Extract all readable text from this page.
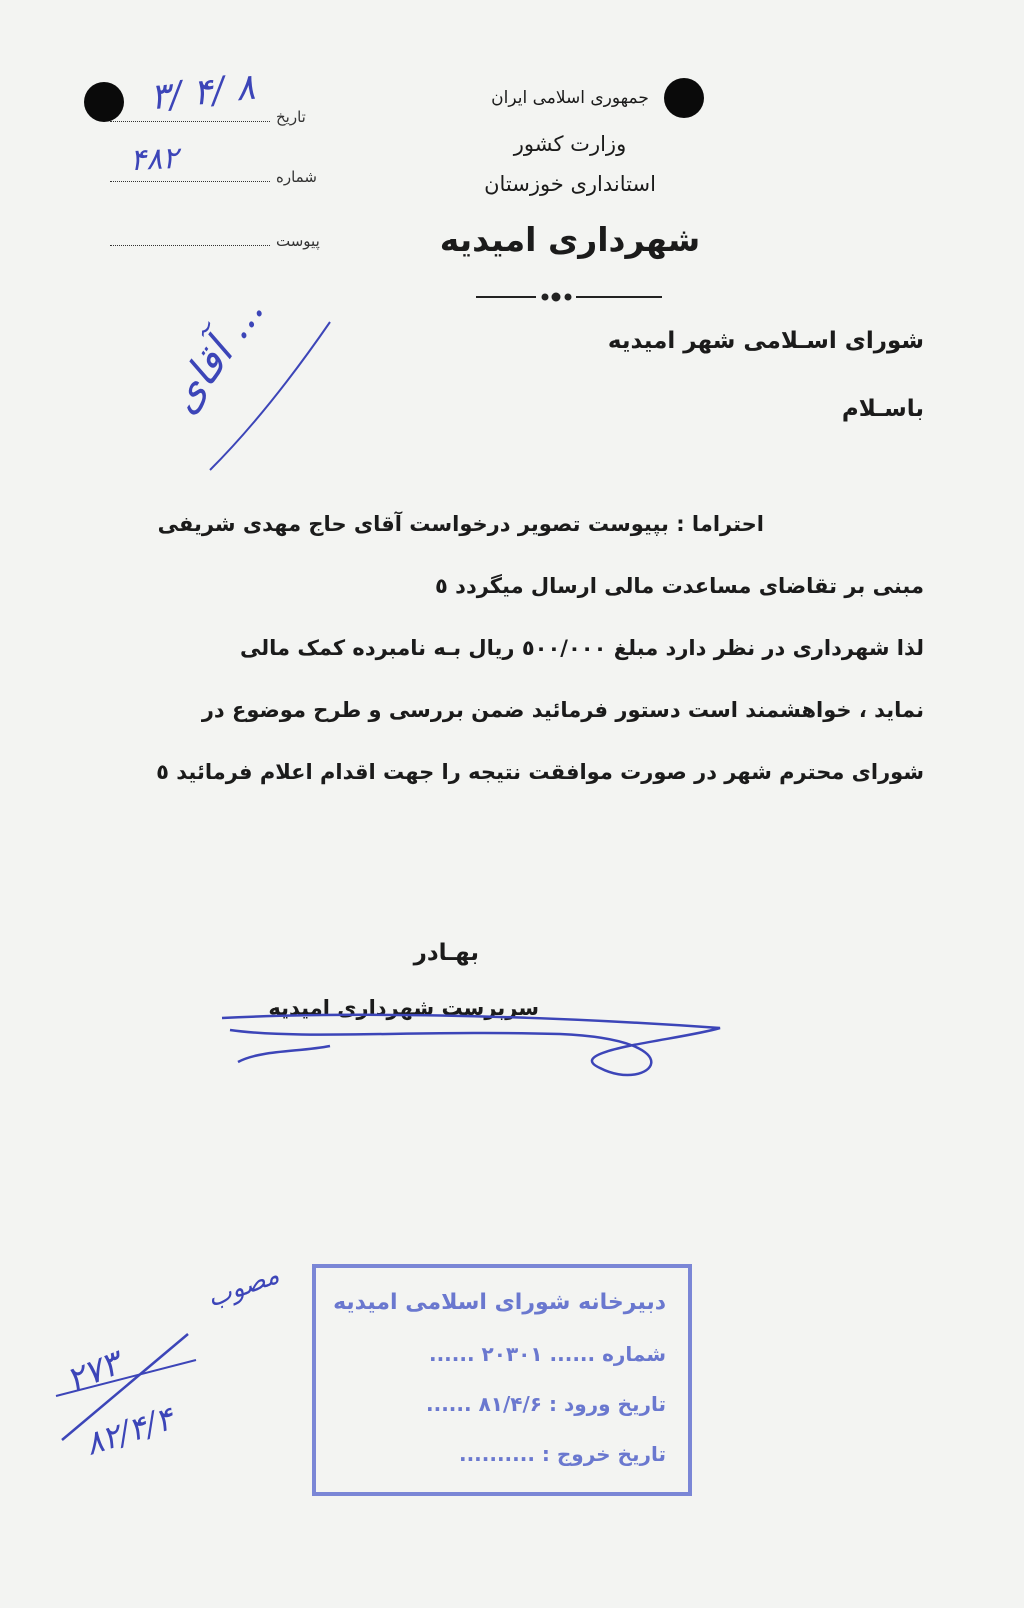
جمهوری اسلامی ایران
وزارت کشور
استانداری خوزستان
شهرداری امیدیه
تاریخ
شماره
پیوست
۳/ ۴/ ۸
۴۸۲
آقای ...	شورای اسـلامی شهر امیدیه
باسـلام
احتراما : بپیوست تصویر درخواست آقای حاج مهدی شریفی
مبنی بر تقاضای مساعدت مالی ارسال میگردد ٥
لذا شهرداری در نظر دارد مبلغ ٥٠٠/٠٠٠ ریال بـه نامبرده کمک مالی
نماید ، خواهشمند است دستور فرمائید ضمن بررسی و طرح موضوع در
شورای محترم شهر در صورت موافقت نتیجه را جهت اقدام اعلام فرمائید ٥
بهـادر
سرپرست شهرداری امیدیه
دبیرخانه شورای اسلامی امیدیه
شماره ...... ۲۰۳۰۱ ......
تاریخ ورود : ۸۱/۴/۶ ......
تاریخ خروج : ..........
مصوب
۲۷۳
۸۲/۴/۴
